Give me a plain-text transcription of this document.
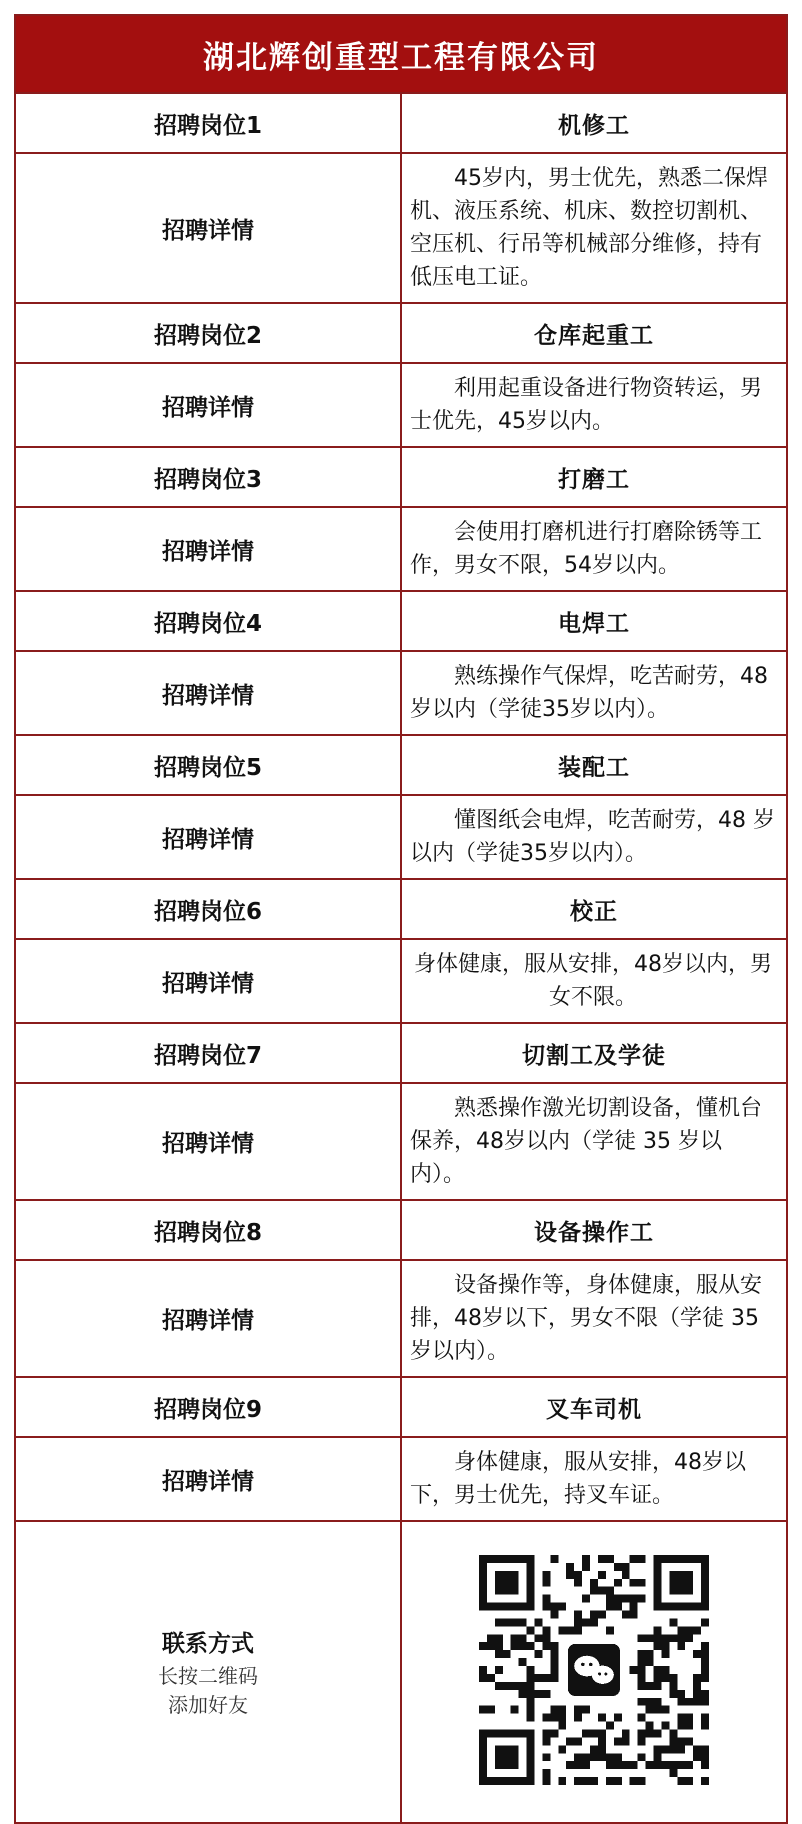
湖北辉创重型工程有限公司	
招聘岗位1	机修工
招聘详情	45岁内，男士优先，熟悉二保焊机、液压系统、机床、数控切割机、空压机、行吊等机械部分维修，持有低压电工证。
招聘岗位2	仓库起重工
招聘详情	利用起重设备进行物资转运，男士优先，45岁以内。
招聘岗位3	打磨工
招聘详情	会使用打磨机进行打磨除锈等工作，男女不限，54岁以内。
招聘岗位4	电焊工
招聘详情	熟练操作气保焊，吃苦耐劳，48岁以内（学徒35岁以内）。
招聘岗位5	装配工
招聘详情	懂图纸会电焊，吃苦耐劳，48 岁以内（学徒35岁以内）。
招聘岗位6	校正
招聘详情	身体健康，服从安排，48岁以内，男女不限。
招聘岗位7	切割工及学徒
招聘详情	熟悉操作激光切割设备，懂机台保养，48岁以内（学徒 35 岁以内）。
招聘岗位8	设备操作工
招聘详情	设备操作等，身体健康，服从安排，48岁以下，男女不限（学徒 35 岁以内）。
招聘岗位9	叉车司机
招聘详情	身体健康，服从安排，48岁以下，男士优先，持叉车证。

联系方式
长按二维码
添加好友
